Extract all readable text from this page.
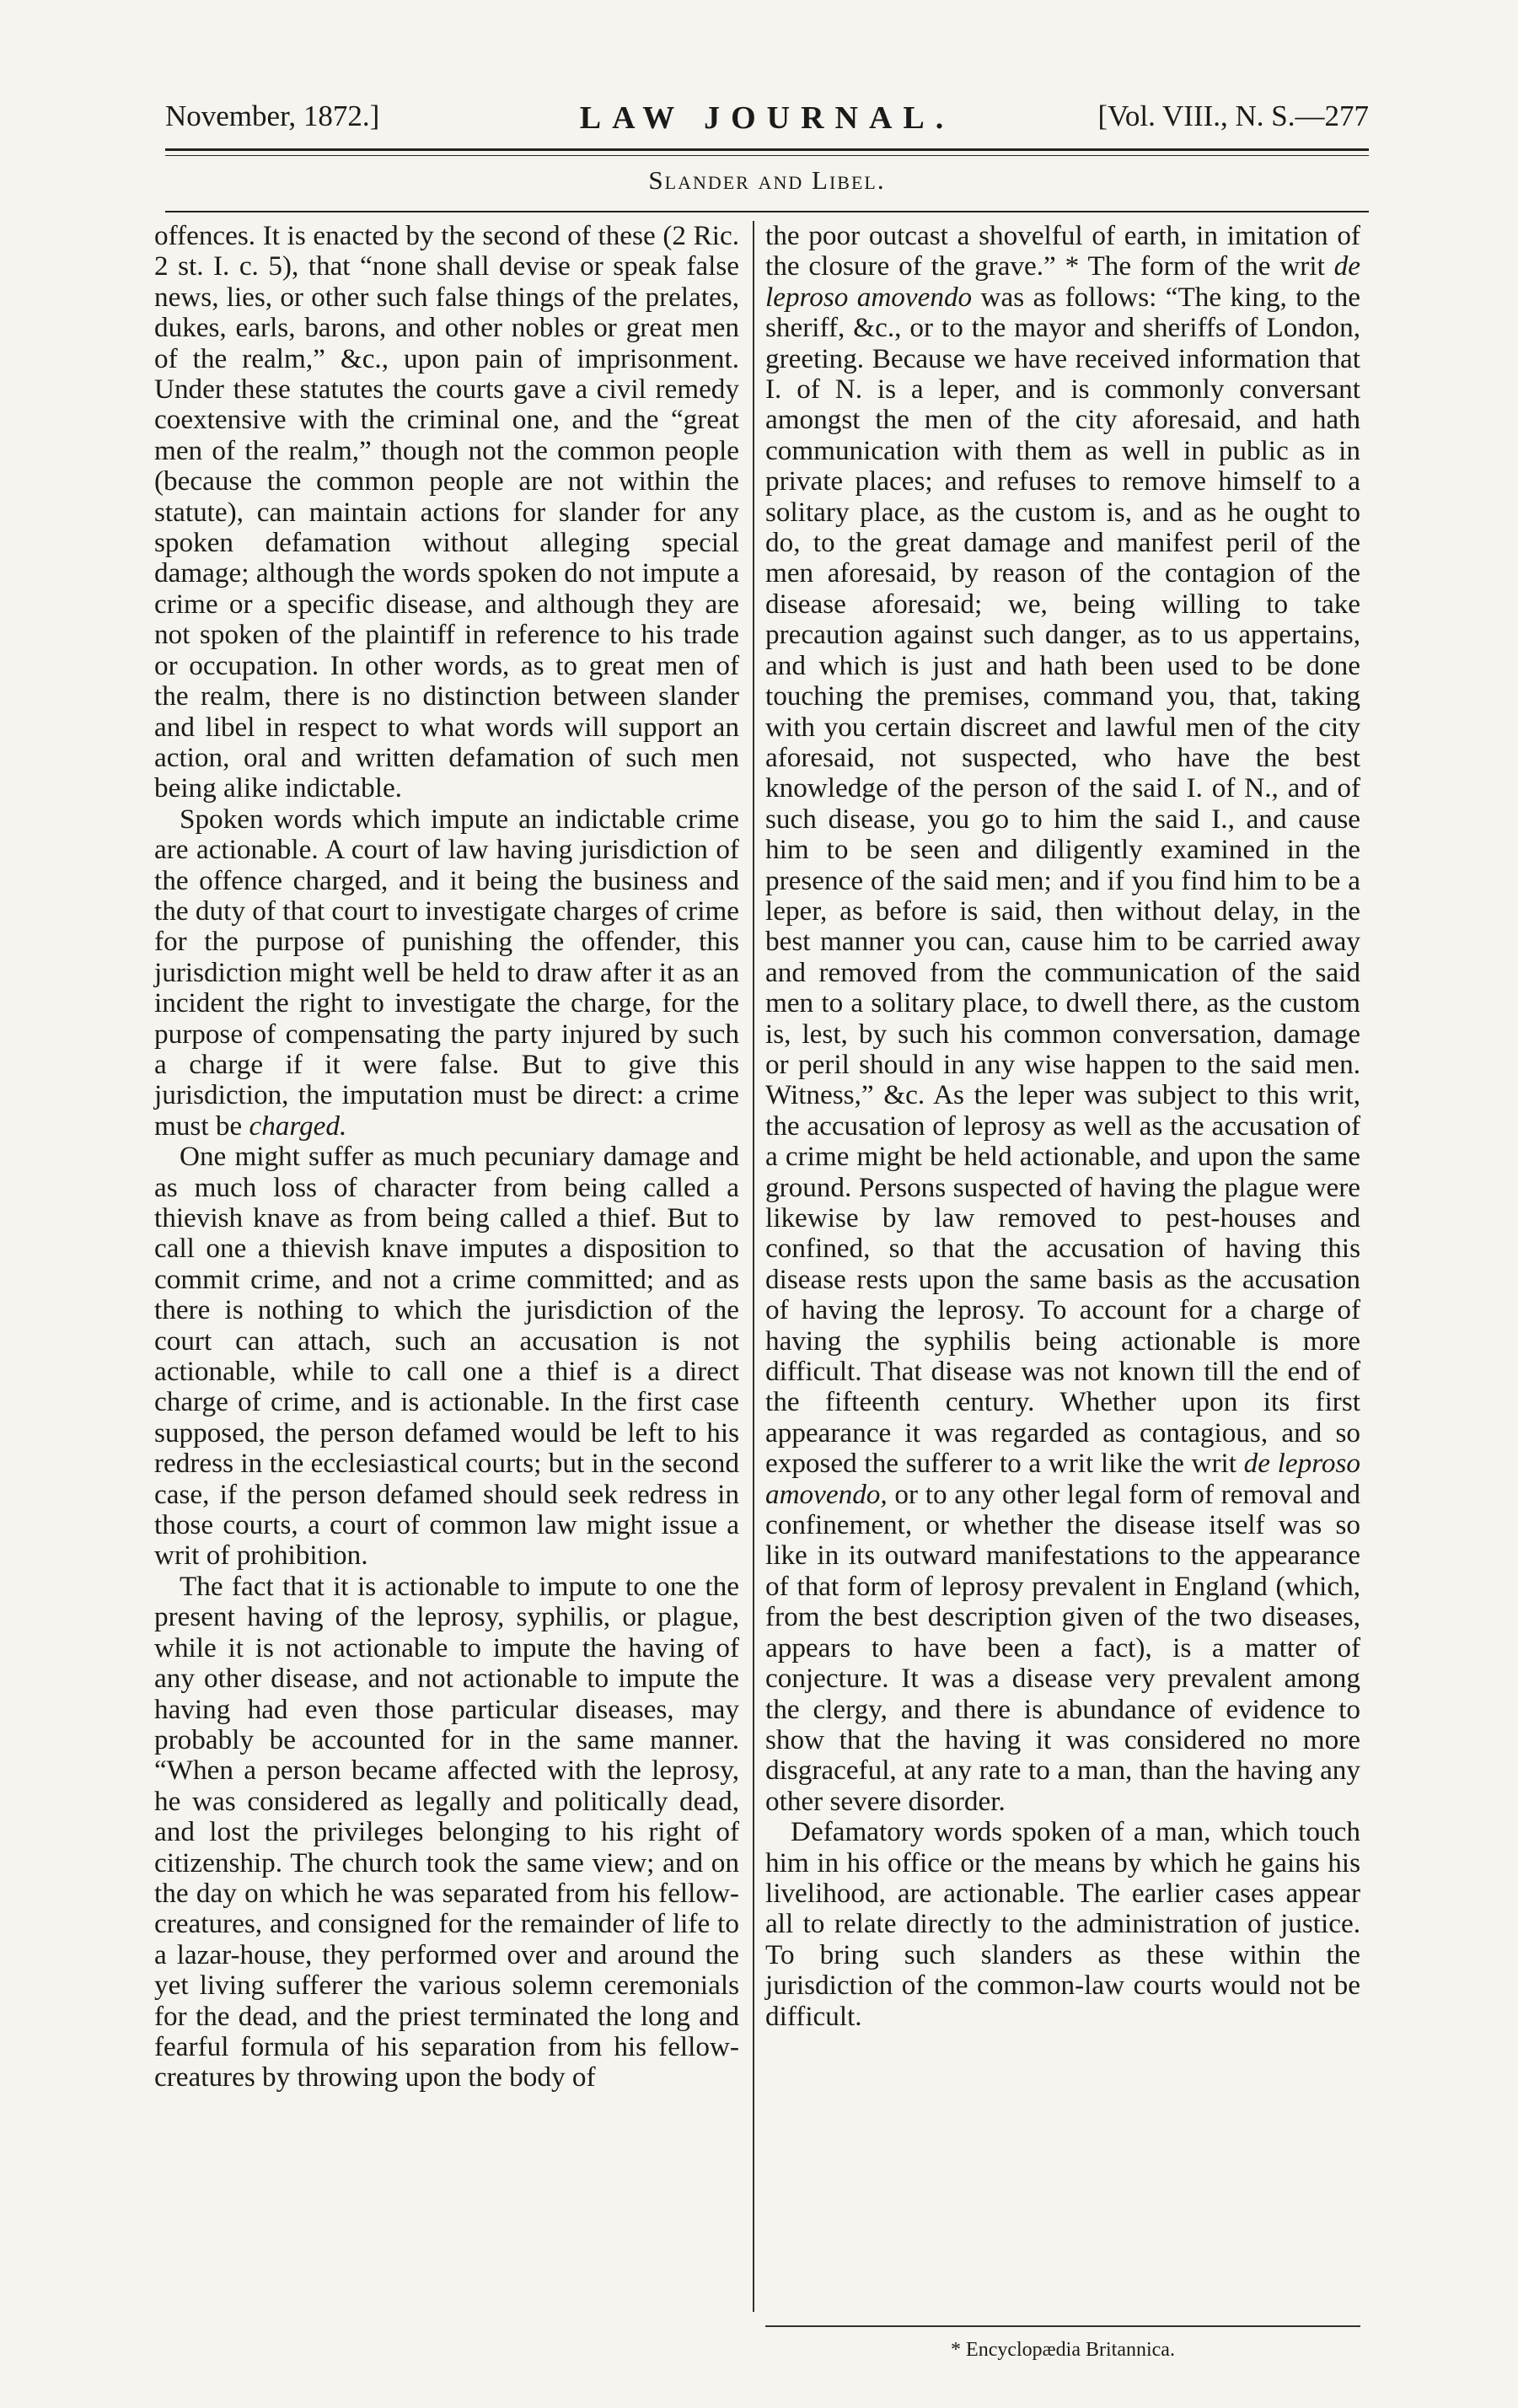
November, 1872.]	LAW JOURNAL.	[Vol. VIII., N. S.—277
Slander and Libel.

offences. It is enacted by the second of these (2 Ric. 2 st. I. c. 5), that “none shall devise or speak false news, lies, or other such false things of the prelates, dukes, earls, barons, and other nobles or great men of the realm,” &c., upon pain of imprisonment. Under these statutes the courts gave a civil remedy coextensive with the criminal one, and the “great men of the realm,” though not the common people (because the common people are not within the statute), can maintain actions for slander for any spoken defamation without alleging special damage; although the words spoken do not impute a crime or a specific disease, and although they are not spoken of the plaintiff in reference to his trade or occupation. In other words, as to great men of the realm, there is no distinction between slander and libel in respect to what words will support an action, oral and written defamation of such men being alike indictable.

Spoken words which impute an indictable crime are actionable. A court of law having jurisdiction of the offence charged, and it being the business and the duty of that court to investigate charges of crime for the purpose of punishing the offender, this jurisdiction might well be held to draw after it as an incident the right to investigate the charge, for the purpose of compensating the party injured by such a charge if it were false. But to give this jurisdiction, the imputation must be direct: a crime must be charged.

One might suffer as much pecuniary damage and as much loss of character from being called a thievish knave as from being called a thief. But to call one a thievish knave imputes a disposition to commit crime, and not a crime committed; and as there is nothing to which the jurisdiction of the court can attach, such an accusation is not actionable, while to call one a thief is a direct charge of crime, and is actionable. In the first case supposed, the person defamed would be left to his redress in the ecclesiastical courts; but in the second case, if the person defamed should seek redress in those courts, a court of common law might issue a writ of prohibition.

The fact that it is actionable to impute to one the present having of the leprosy, syphilis, or plague, while it is not actionable to impute the having of any other disease, and not actionable to impute the having had even those particular diseases, may probably be accounted for in the same manner. “When a person became affected with the leprosy, he was considered as legally and politically dead, and lost the privileges belonging to his right of citizenship. The church took the same view; and on the day on which he was separated from his fellow-creatures, and consigned for the remainder of life to a lazar-house, they performed over and around the yet living sufferer the various solemn ceremonials for the dead, and the priest terminated the long and fearful formula of his separation from his fellow-creatures by throwing upon the body of

the poor outcast a shovelful of earth, in imitation of the closure of the grave.” * The form of the writ de leproso amovendo was as follows: “The king, to the sheriff, &c., or to the mayor and sheriffs of London, greeting. Because we have received information that I. of N. is a leper, and is commonly conversant amongst the men of the city aforesaid, and hath communication with them as well in public as in private places; and refuses to remove himself to a solitary place, as the custom is, and as he ought to do, to the great damage and manifest peril of the men aforesaid, by reason of the contagion of the disease aforesaid; we, being willing to take precaution against such danger, as to us appertains, and which is just and hath been used to be done touching the premises, command you, that, taking with you certain discreet and lawful men of the city aforesaid, not suspected, who have the best knowledge of the person of the said I. of N., and of such disease, you go to him the said I., and cause him to be seen and diligently examined in the presence of the said men; and if you find him to be a leper, as before is said, then without delay, in the best manner you can, cause him to be carried away and removed from the communication of the said men to a solitary place, to dwell there, as the custom is, lest, by such his common conversation, damage or peril should in any wise happen to the said men. Witness,” &c. As the leper was subject to this writ, the accusation of leprosy as well as the accusation of a crime might be held actionable, and upon the same ground. Persons suspected of having the plague were likewise by law removed to pest-houses and confined, so that the accusation of having this disease rests upon the same basis as the accusation of having the leprosy. To account for a charge of having the syphilis being actionable is more difficult. That disease was not known till the end of the fifteenth century. Whether upon its first appearance it was regarded as contagious, and so exposed the sufferer to a writ like the writ de leproso amovendo, or to any other legal form of removal and confinement, or whether the disease itself was so like in its outward manifestations to the appearance of that form of leprosy prevalent in England (which, from the best description given of the two diseases, appears to have been a fact), is a matter of conjecture. It was a disease very prevalent among the clergy, and there is abundance of evidence to show that the having it was considered no more disgraceful, at any rate to a man, than the having any other severe disorder.

Defamatory words spoken of a man, which touch him in his office or the means by which he gains his livelihood, are actionable. The earlier cases appear all to relate directly to the administration of justice. To bring such slanders as these within the jurisdiction of the common-law courts would not be difficult.

* Encyclopædia Britannica.
